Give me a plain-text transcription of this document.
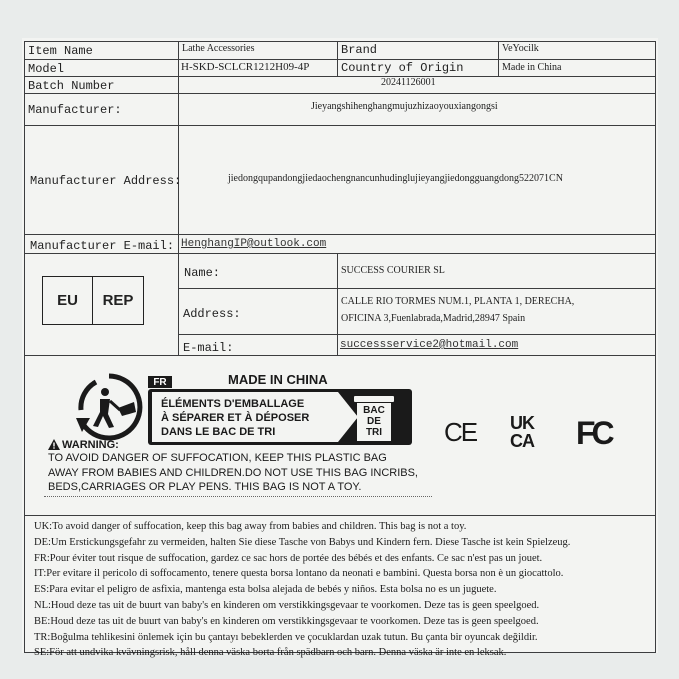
Item Name	Lathe Accessories	Brand	VeYocilk
Model	H-SKD-SCLCR1212H09-4P	Country of Origin	Made in China
Batch Number	20241126001
Manufacturer:	Jieyangshihenghangmujuzhizaoyouxiangongsi
Manufacturer Address:	jiedongqupandongjiedaochengnancunhudinglujieyangjiedongguangdong522071CN
Manufacturer E-mail: HenghangIP@outlook.com
EU REP
Name:	SUCCESS COURIER SL
Address:
CALLE RIO TORMES NUM.1, PLANTA 1, DERECHA,
OFICINA 3,Fuenlabrada,Madrid,28947 Spain
E-mail:	successservice2@hotmail.com
FR	MADE IN CHINA
ÉLÉMENTS D'EMBALLAGE
À SÉPARER ET À DÉPOSER
DANS LE BAC DE TRI
BAC
DE
TRI	CE UK
CA FC
WARNING:
TO AVOID DANGER OF SUFFOCATION, KEEP THIS PLASTIC BAG
AWAY FROM BABIES AND CHILDREN.DO NOT USE THIS BAG INCRIBS,
BEDS,CARRIAGES OR PLAY PENS. THIS BAG IS NOT A TOY.
UK:To avoid danger of suffocation, keep this bag away from babies and children. This bag is not a toy.
DE:Um Erstickungsgefahr zu vermeiden, halten Sie diese Tasche von Babys und Kindern fern. Diese Tasche ist kein Spielzeug.
FR:Pour éviter tout risque de suffocation, gardez ce sac hors de portée des bébés et des enfants. Ce sac n'est pas un jouet.
IT:Per evitare il pericolo di soffocamento, tenere questa borsa lontano da neonati e bambini. Questa borsa non è un giocattolo.
ES:Para evitar el peligro de asfixia, mantenga esta bolsa alejada de bebés y niños. Esta bolsa no es un juguete.
NL:Houd deze tas uit de buurt van baby's en kinderen om verstikkingsgevaar te voorkomen. Deze tas is geen speelgoed.
BE:Houd deze tas uit de buurt van baby's en kinderen om verstikkingsgevaar te voorkomen. Deze tas is geen speelgoed.
TR:Boğulma tehlikesini önlemek için bu çantayı bebeklerden ve çocuklardan uzak tutun. Bu çanta bir oyuncak değildir.
SE:För att undvika kvävningsrisk, håll denna väska borta från spädbarn och barn. Denna väska är inte en leksak.
